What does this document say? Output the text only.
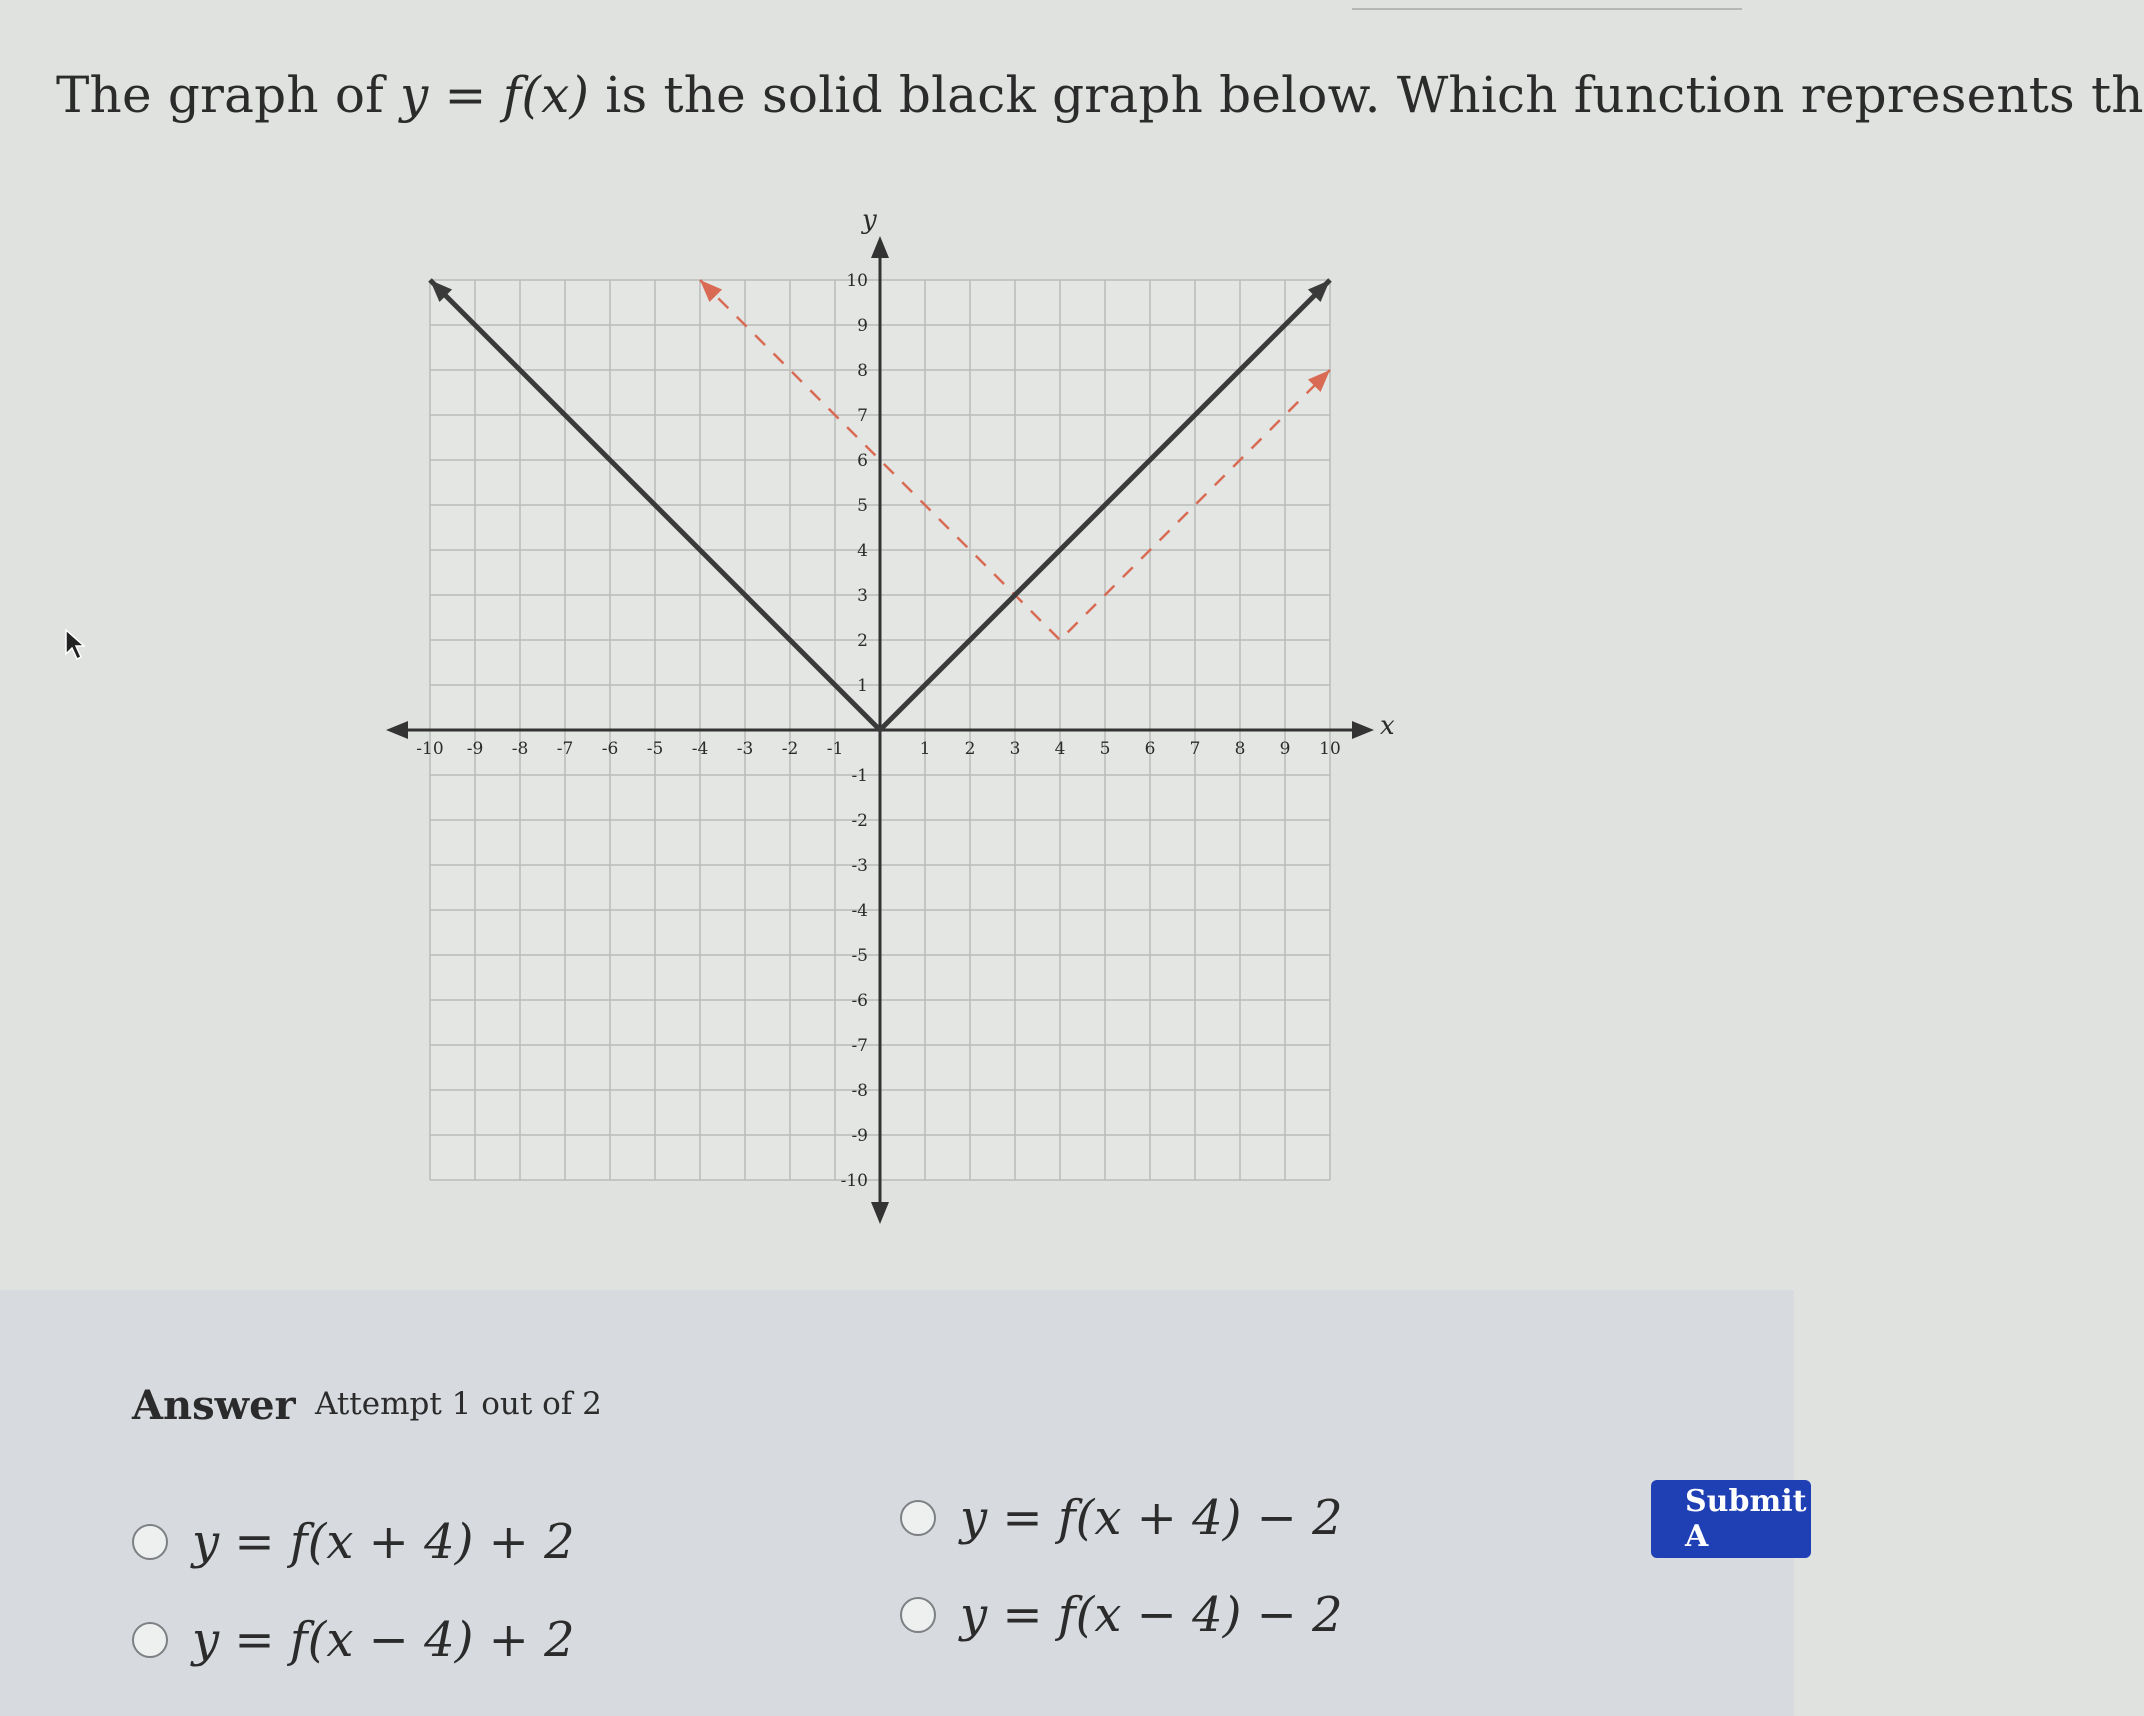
The graph of y = f(x) is the solid black graph below. Which function represents th
-10 -9 -8 -7 -6 -5 -4 -3 -2 -1	1 2 3 4 5 6 7 8 9 10
-10
-9
-8
-7
-6
-5
-4
-3
-2
-1
1
2
3
4
5
6
7
8
9
10
x
y
Answer Attempt 1 out of 2
y = f(x + 4) + 2	y = f(x + 4) − 2
y = f(x − 4) + 2	y = f(x − 4) − 2
Submit A
